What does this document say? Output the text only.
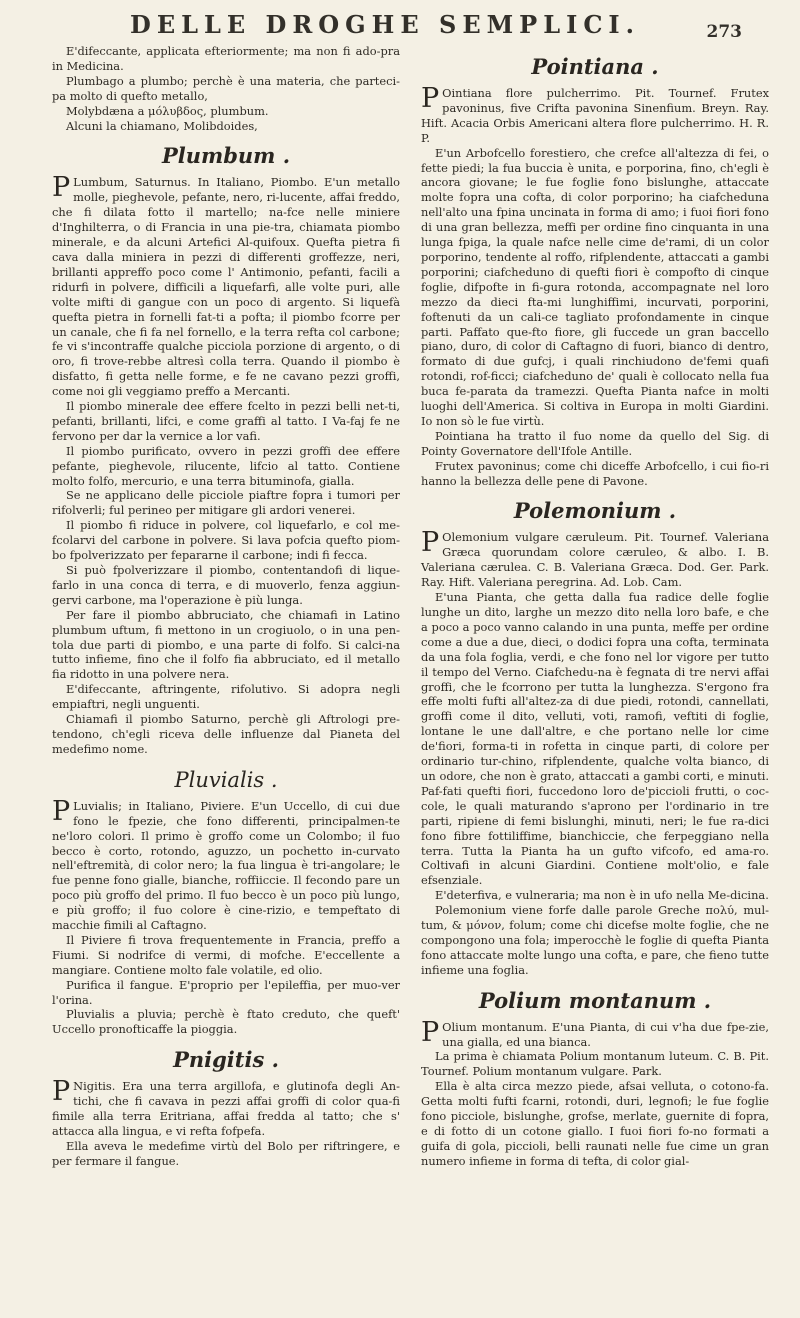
DELLE DROGHE SEMPLICI.	273

E'difeccante, applicata efteriormente; ma non fi ado-pra in Medicina.

Plumbago a plumbo; perchè è una materia, che parteci-pa molto di quefto metallo,

Molybdæna a μόλυβδος, plumbum.

Alcuni la chiamano, Molibdoides,

Plumbum .

P Lumbum, Saturnus. In Italiano, Piombo. E'un metallo molle, pieghevole, pefante, nero, ri-lucente, affai freddo, che fi dilata fotto il martello; na-fce nelle miniere d'Inghilterra, o di Francia in una pie-tra, chiamata piombo minerale, e da alcuni Artefici Al-quifoux. Quefta pietra fi cava dalla miniera in pezzi di differenti groffezze, neri, brillanti appreffo poco come l' Antimonio, pefanti, facili a ridurfi in polvere, difficili a liquefarfi, alle volte puri, alle volte mifti di gangue con un poco di argento. Si liquefà quefta pietra in fornelli fat-ti a pofta; il piombo fcorre per un canale, che fi fa nel fornello, e la terra refta col carbone; fe vi s'incontraffe qualche picciola porzione di argento, o di oro, fi trove-rebbe altresì colla terra. Quando il piombo è disfatto, fi getta nelle forme, e fe ne cavano pezzi groffi, come noi gli veggiamo preffo a Mercanti.

Il piombo minerale dee effere fcelto in pezzi belli net-ti, pefanti, brillanti, lifci, e come graffi al tatto. I Va-faj fe ne fervono per dar la vernice a lor vafi.

Il piombo purificato, ovvero in pezzi groffi dee effere pefante, pieghevole, rilucente, lifcio al tatto. Contiene molto folfo, mercurio, e una terra bituminofa, gialla.

Se ne applicano delle picciole piaftre fopra i tumori per rifolverli; ful perineo per mitigare gli ardori venerei.

Il piombo fi riduce in polvere, col liquefarlo, e col me-fcolarvi del carbone in polvere. Si lava pofcia quefto piom-bo fpolverizzato per fepararne il carbone; indi fi fecca.

Si può fpolverizzare il piombo, contentandofi di lique-farlo in una conca di terra, e di muoverlo, fenza aggiun-gervi carbone, ma l'operazione è più lunga.

Per fare il piombo abbruciato, che chiamafi in Latino plumbum uftum, fi mettono in un crogiuolo, o in una pen-tola due parti di piombo, e una parte di folfo. Si calci-na tutto infieme, fino che il folfo fia abbruciato, ed il metallo fia ridotto in una polvere nera.

E'difeccante, aftringente, rifolutivo. Si adopra negli empiaftri, negli unguenti.

Chiamafi il piombo Saturno, perchè gli Aftrologi pre-tendono, ch'egli riceva delle influenze dal Pianeta del medefimo nome.

Pluvialis .

P Luvialis; in Italiano, Piviere. E'un Uccello, di cui due fono le fpezie, che fono differenti, principalmen-te ne'loro colori. Il primo è groffo come un Colombo; il fuo becco è corto, rotondo, aguzzo, un pochetto in-curvato nell'eftremità, di color nero; la fua lingua è tri-angolare; le fue penne fono gialle, bianche, roffiiccie. Il fecondo pare un poco più groffo del primo. Il fuo becco è un poco più lungo, e più groffo; il fuo colore è cine-rizio, e tempeftato di macchie fimili al Caftagno.

Il Piviere fi trova frequentemente in Francia, preffo a Fiumi. Si nodrifce di vermi, di mofche. E'eccellente a mangiare. Contiene molto fale volatile, ed olio.

Purifica il fangue. E'proprio per l'epileffia, per muo-ver l'orina.

Pluvialis a pluvia; perchè è ftato creduto, che queft' Uccello pronofticaffe la pioggia.

Pnigitis .

P Nigitis. Era una terra argillofa, e glutinofa degli An-tichi, che fi cavava in pezzi affai groffi di color qua-fi fimile alla terra Eritriana, affai fredda al tatto; che s' attacca alla lingua, e vi refta fofpefa.

Ella aveva le medefime virtù del Bolo per riftringere, e per fermare il fangue.

Pointiana .

P Ointiana flore pulcherrimo. Pit. Tournef. Frutex pavoninus, five Crifta pavonina Sinenfium. Breyn. Ray. Hift. Acacia Orbis Americani altera flore pulcherrimo. H. R. P.

E'un Arbofcello forestiero, che crefce all'altezza di fei, o fette piedi; la fua buccia è unita, e porporina, fino, ch'egli è ancora giovane; le fue foglie fono bislunghe, attaccate molte fopra una cofta, di color porporino; ha ciafcheduna nell'alto una fpina uncinata in forma di amo; i fuoi fiori fono di una gran bellezza, meffi per ordine fino cinquanta in una lunga fpiga, la quale nafce nelle cime de'rami, di un color porporino, tendente al roffo, rifplendente, attaccati a gambi porporini; ciafcheduno di quefti fiori è compofto di cinque foglie, difpofte in fi-gura rotonda, accompagnate nel loro mezzo da dieci fta-mi lunghiffimi, incurvati, porporini, foftenuti da un cali-ce tagliato profondamente in cinque parti. Paffato que-fto fiore, gli fuccede un gran baccello piano, duro, di color di Caftagno di fuori, bianco di dentro, formato di due gufcj, i quali rinchiudono de'femi quafi rotondi, rof-ficci; ciafcheduno de' quali è collocato nella fua buca fe-parata da tramezzi. Quefta Pianta nafce in molti luoghi dell'America. Si coltiva in Europa in molti Giardini. Io non sò le fue virtù.

Pointiana ha tratto il fuo nome da quello del Sig. di Pointy Governatore dell'Ifole Antille.

Frutex pavoninus; come chi diceffe Arbofcello, i cui fio-ri hanno la bellezza delle pene di Pavone.

Polemonium .

P Olemonium vulgare cæruleum. Pit. Tournef. Valeriana Græca quorundam colore cæruleo, & albo. I. B. Valeriana cærulea. C. B. Valeriana Græca. Dod. Ger. Park. Ray. Hift. Valeriana peregrina. Ad. Lob. Cam.

E'una Pianta, che getta dalla fua radice delle foglie lunghe un dito, larghe un mezzo dito nella loro bafe, e che a poco a poco vanno calando in una punta, meffe per ordine come a due a due, dieci, o dodici fopra una cofta, terminata da una fola foglia, verdi, e che fono nel lor vigore per tutto il tempo del Verno. Ciafchedu-na è fegnata di tre nervi affai groffi, che le fcorrono per tutta la lunghezza. S'ergono fra effe molti fufti all'altez-za di due piedi, rotondi, cannellati, groffi come il dito, velluti, voti, ramofi, veftiti di foglie, lontane le une dall'altre, e che portano nelle lor cime de'fiori, forma-ti in rofetta in cinque parti, di colore per ordinario tur-chino, rifplendente, qualche volta bianco, di un odore, che non è grato, attaccati a gambi corti, e minuti. Paf-fati quefti fiori, fuccedono loro de'piccioli frutti, o coc-cole, le quali maturando s'aprono per l'ordinario in tre parti, ripiene di femi bislunghi, minuti, neri; le fue ra-dici fono fibre fottiliffime, bianchiccie, che ferpeggiano nella terra. Tutta la Pianta ha un gufto vifcofo, ed ama-ro. Coltivafi in alcuni Giardini. Contiene molt'olio, e fale efsenziale.

E'deterfiva, e vulneraria; ma non è in ufo nella Me-dicina.

Polemonium viene forfe dalle parole Greche πολύ, mul-tum, & μόνον, folum; come chi dicefse molte foglie, che ne compongono una fola; imperocchè le foglie di quefta Pianta fono attaccate molte lungo una cofta, e pare, che fieno tutte infieme una foglia.

Polium montanum .

P Olium montanum. E'una Pianta, di cui v'ha due fpe-zie, una gialla, ed una bianca.

La prima è chiamata Polium montanum luteum. C. B. Pit. Tournef. Polium montanum vulgare. Park.

Ella è alta circa mezzo piede, afsai velluta, o cotono-fa. Getta molti fufti fcarni, rotondi, duri, legnofi; le fue foglie fono picciole, bislunghe, grofse, merlate, guernite di fopra, e di fotto di un cotone giallo. I fuoi fiori fo-no formati a guifa di gola, piccioli, belli raunati nelle fue cime un gran numero infieme in forma di tefta, di color gial-
